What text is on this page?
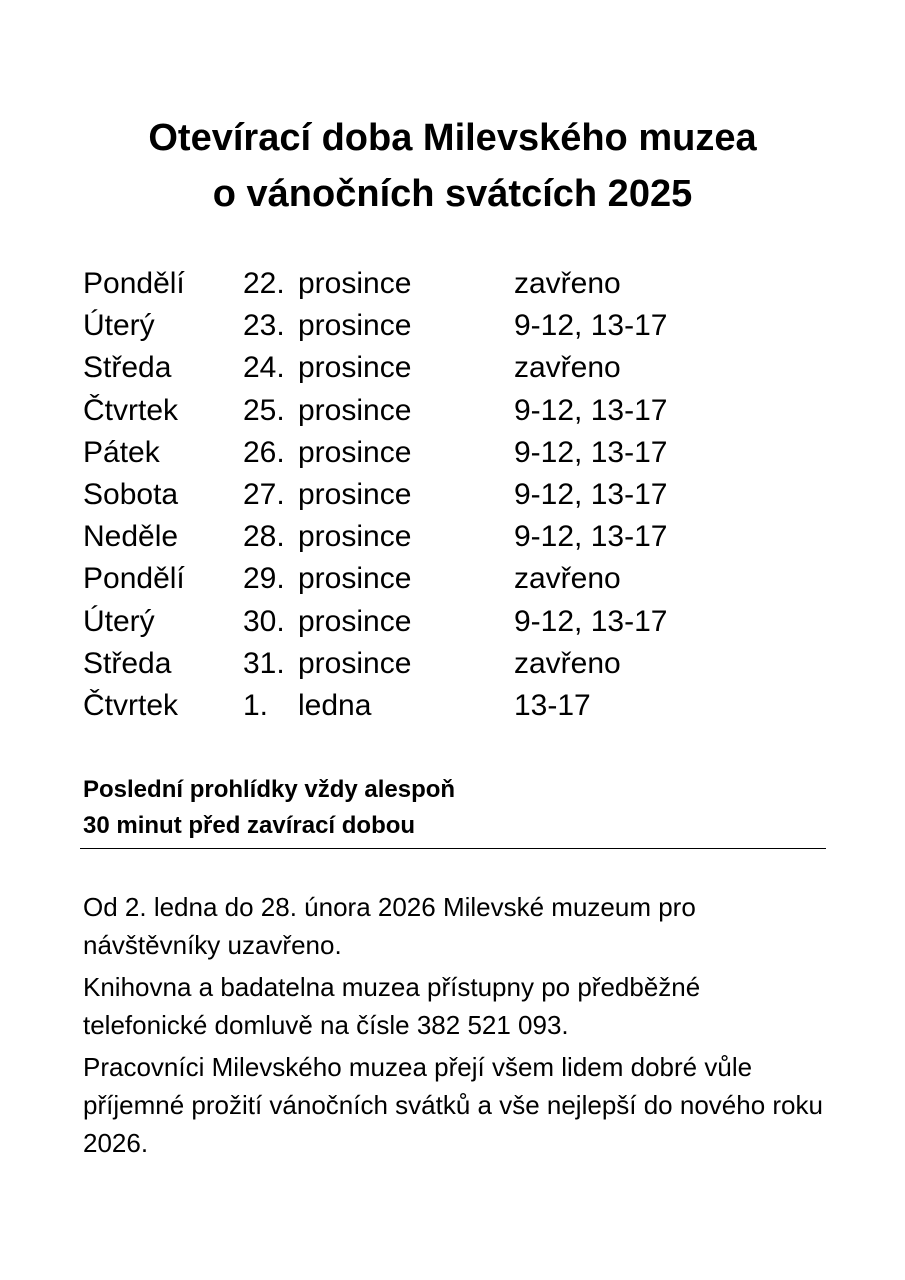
Otevírací doba Milevského muzea
o vánočních svátcích 2025
Pondělí 22. prosince	zavřeno
Úterý	23. prosince	9-12, 13-17
Středa 24. prosince	zavřeno
Čtvrtek 25. prosince	9-12, 13-17
Pátek	26. prosince	9-12, 13-17
Sobota 27. prosince	9-12, 13-17
Neděle 28. prosince	9-12, 13-17
Pondělí 29. prosince	zavřeno
Úterý	30. prosince	9-12, 13-17
Středa 31. prosince	zavřeno
Čtvrtek 1. ledna	13-17
Poslední prohlídky vždy alespoň
30 minut před zavírací dobou

Od 2. ledna do 28. února 2026 Milevské muzeum pro návštěvníky uzavřeno.

Knihovna a badatelna muzea přístupny po předběžné telefonické domluvě na čísle 382 521 093.

Pracovníci Milevského muzea přejí všem lidem dobré vůle příjemné prožití vánočních svátků a vše nejlepší do nového roku 2026.
